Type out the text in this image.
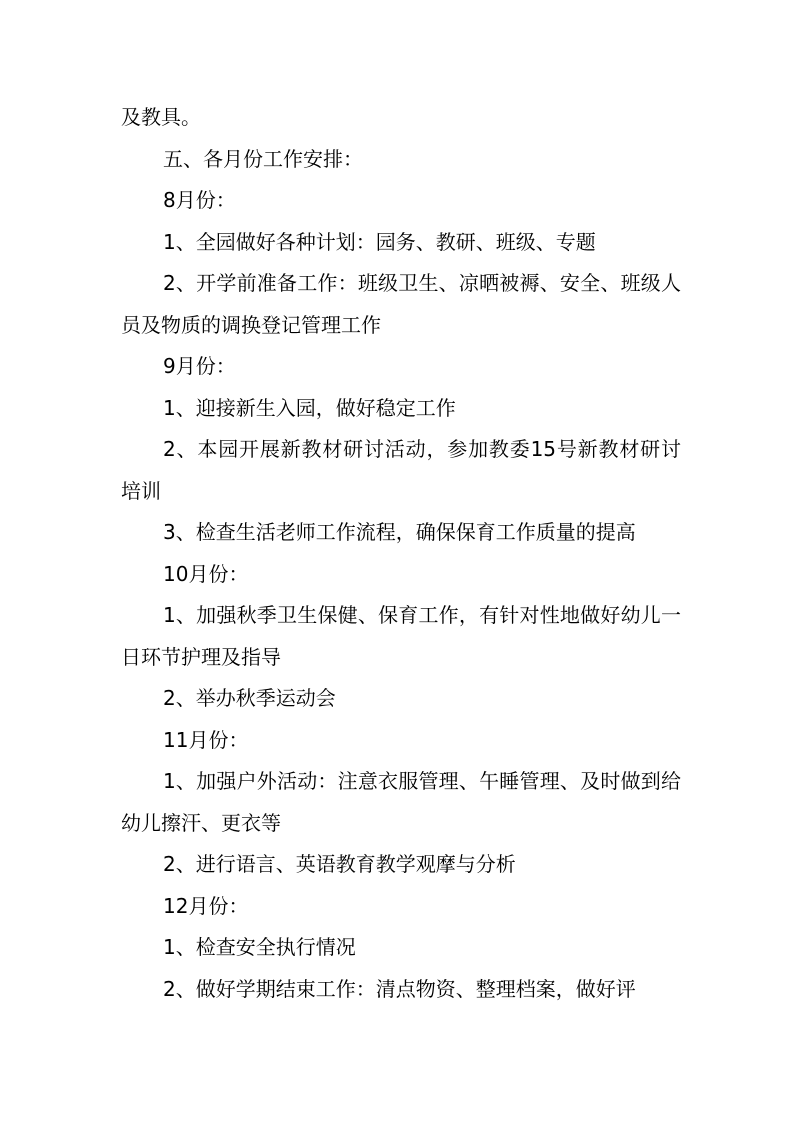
及教具。

五、各月份工作安排：

8月份：

1、全园做好各种计划：园务、教研、班级、专题

2、开学前准备工作：班级卫生、凉晒被褥、安全、班级人员及物质的调换登记管理工作

9月份：

1、迎接新生入园，做好稳定工作

2、本园开展新教材研讨活动，参加教委15号新教材研讨培训

3、检查生活老师工作流程，确保保育工作质量的提高

10月份：

1、加强秋季卫生保健、保育工作，有针对性地做好幼儿一日环节护理及指导

2、举办秋季运动会

11月份：

1、加强户外活动：注意衣服管理、午睡管理、及时做到给幼儿擦汗、更衣等

2、进行语言、英语教育教学观摩与分析

12月份：

1、检查安全执行情况

2、做好学期结束工作：清点物资、整理档案，做好评
